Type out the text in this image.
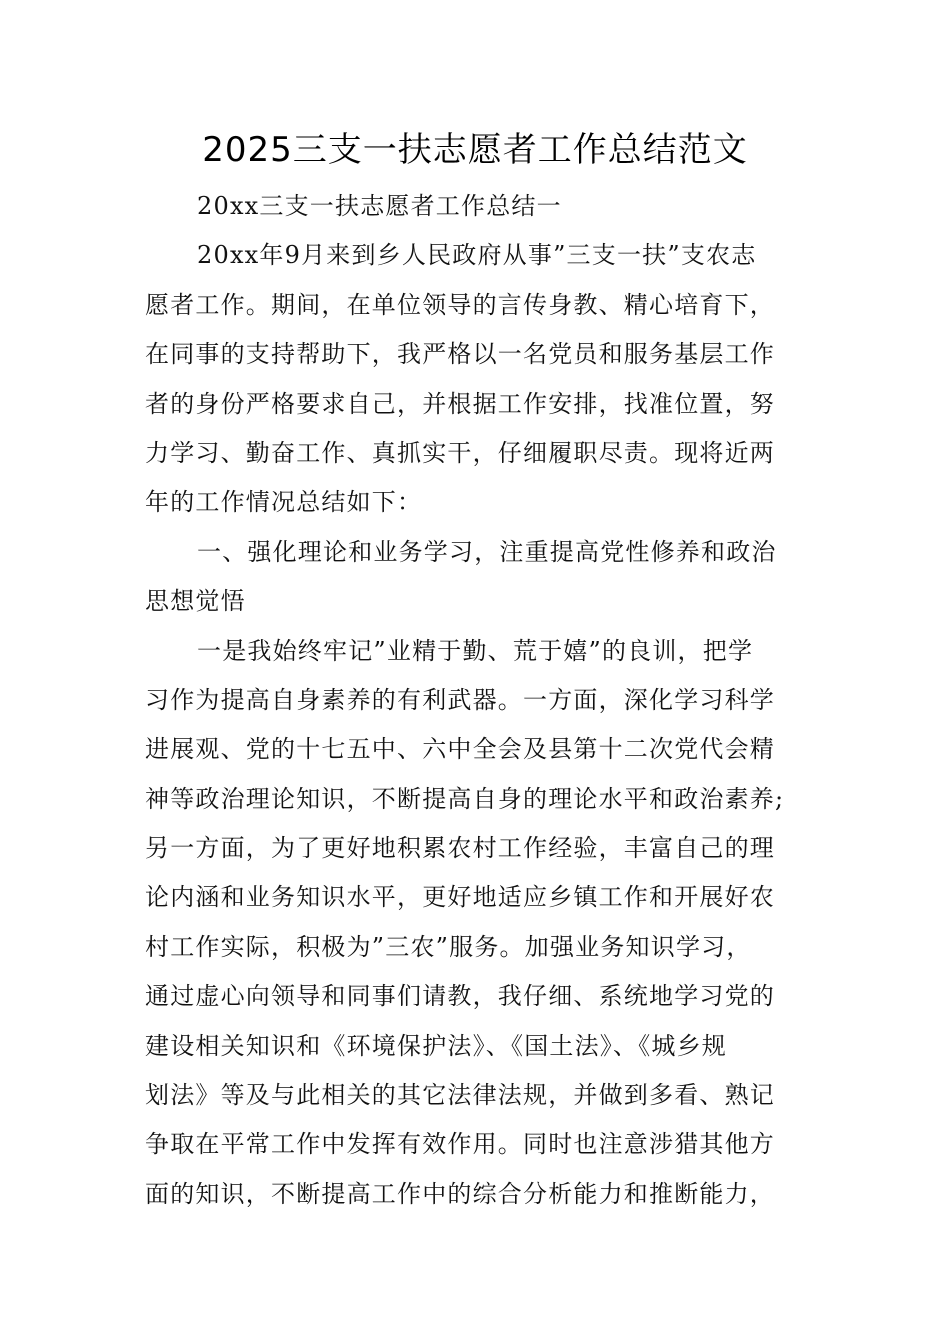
2025三支一扶志愿者工作总结范文
20xx三支一扶志愿者工作总结一
20xx年9月来到乡人民政府从事”三支一扶”支农志
愿者工作。期间，在单位领导的言传身教、精心培育下，
在同事的支持帮助下，我严格以一名党员和服务基层工作
者的身份严格要求自己，并根据工作安排，找准位置，努
力学习、勤奋工作、真抓实干，仔细履职尽责。现将近两
年的工作情况总结如下：
一、强化理论和业务学习，注重提高党性修养和政治
思想觉悟
一是我始终牢记”业精于勤、荒于嬉”的良训，把学
习作为提高自身素养的有利武器。一方面，深化学习科学
进展观、党的十七五中、六中全会及县第十二次党代会精
神等政治理论知识，不断提高自身的理论水平和政治素养;
另一方面，为了更好地积累农村工作经验，丰富自己的理
论内涵和业务知识水平，更好地适应乡镇工作和开展好农
村工作实际，积极为”三农”服务。加强业务知识学习，
通过虚心向领导和同事们请教，我仔细、系统地学习党的
建设相关知识和《环境保护法》、《国土法》、《城乡规
划法》等及与此相关的其它法律法规，并做到多看、熟记
争取在平常工作中发挥有效作用。同时也注意涉猎其他方
面的知识，不断提高工作中的综合分析能力和推断能力，
